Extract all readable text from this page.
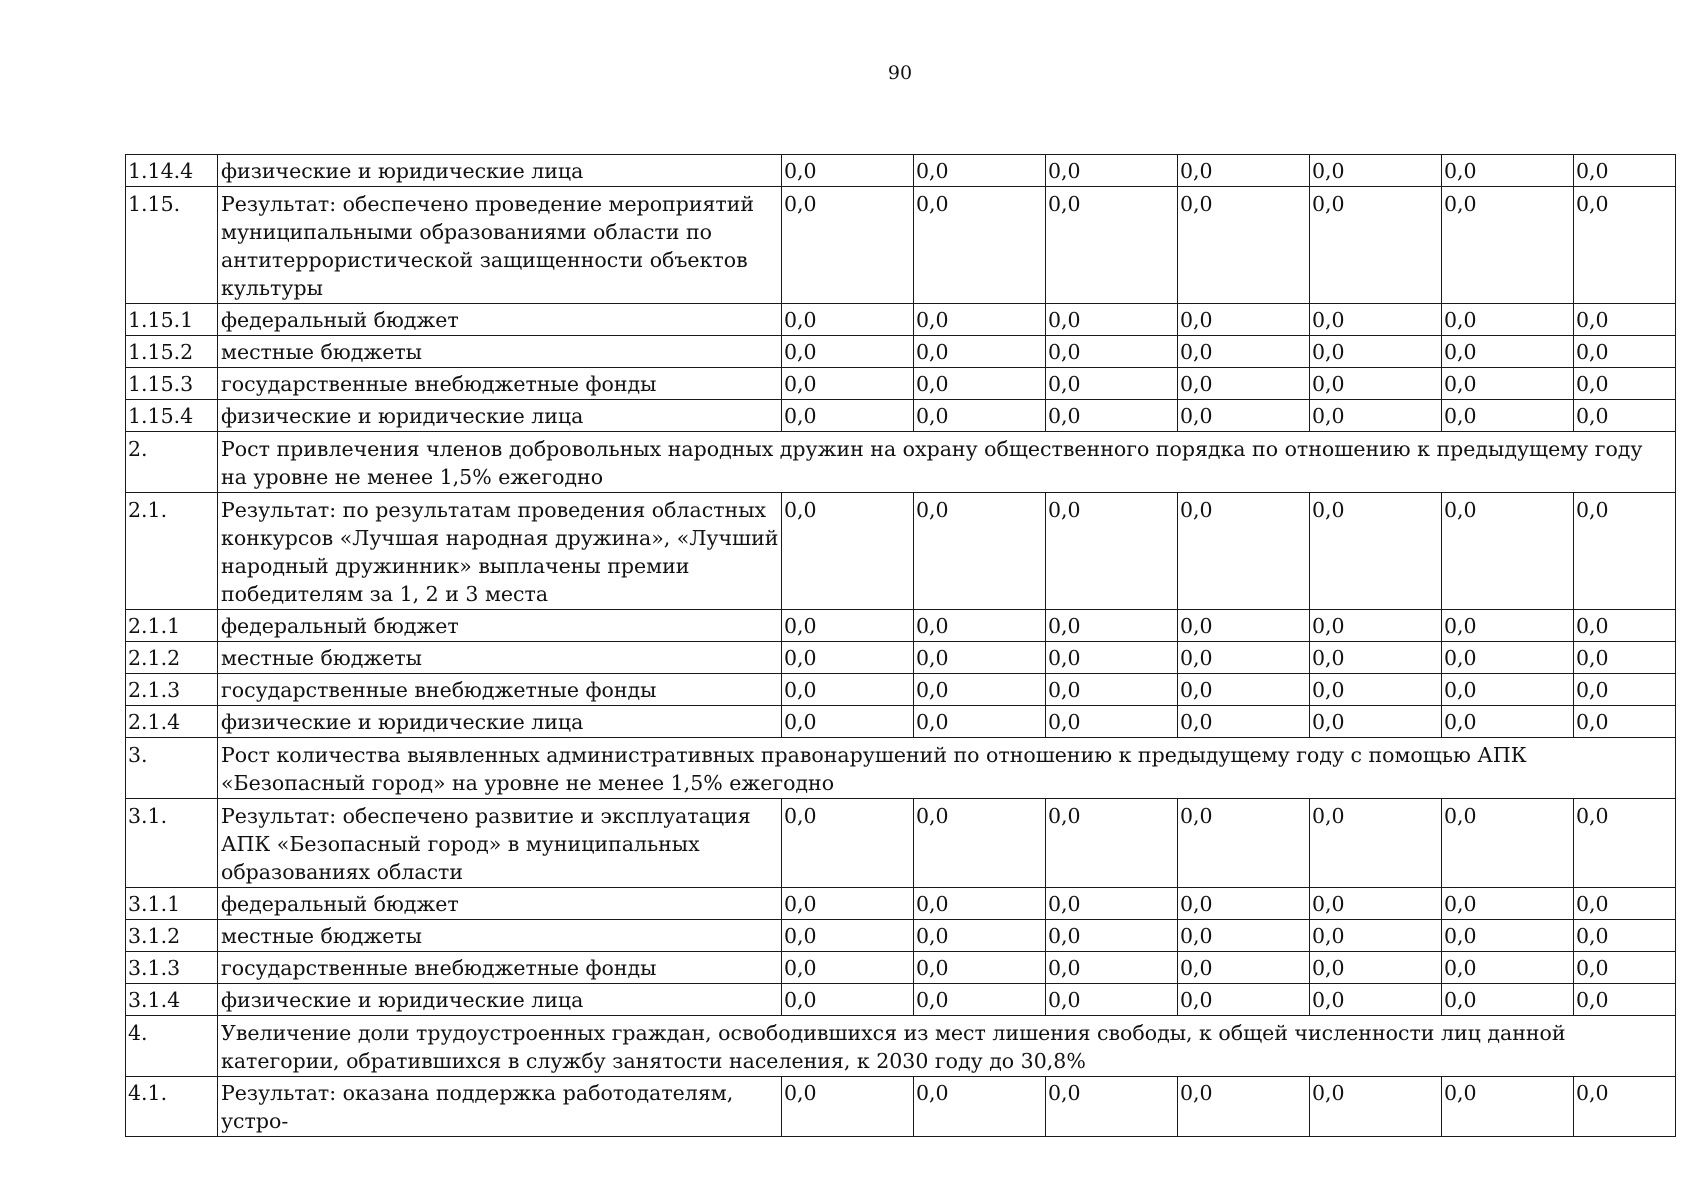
90
1.14.4	физические и юридические лица	0,0	0,0	0,0	0,0	0,0	0,0	0,0
1.15.	Результат: обеспечено проведение мероприятий муниципальными образованиями области по антитеррористической защищенности объектов культуры	0,0	0,0	0,0	0,0	0,0	0,0	0,0
1.15.1	федеральный бюджет	0,0	0,0	0,0	0,0	0,0	0,0	0,0
1.15.2	местные бюджеты	0,0	0,0	0,0	0,0	0,0	0,0	0,0
1.15.3	государственные внебюджетные фонды	0,0	0,0	0,0	0,0	0,0	0,0	0,0
1.15.4	физические и юридические лица	0,0	0,0	0,0	0,0	0,0	0,0	0,0
2.	Рост привлечения членов добровольных народных дружин на охрану общественного порядка по отношению к предыдущему году на уровне не менее 1,5% ежегодно							
2.1.	Результат: по результатам проведения областных конкурсов «Лучшая народная дружина», «Лучший народный дружинник» выплачены премии победителям за 1, 2 и 3 места	0,0	0,0	0,0	0,0	0,0	0,0	0,0
2.1.1	федеральный бюджет	0,0	0,0	0,0	0,0	0,0	0,0	0,0
2.1.2	местные бюджеты	0,0	0,0	0,0	0,0	0,0	0,0	0,0
2.1.3	государственные внебюджетные фонды	0,0	0,0	0,0	0,0	0,0	0,0	0,0
2.1.4	физические и юридические лица	0,0	0,0	0,0	0,0	0,0	0,0	0,0
3.	Рост количества выявленных административных правонарушений по отношению к предыдущему году с помощью АПК «Безопасный город» на уровне не менее 1,5% ежегодно							
3.1.	Результат: обеспечено развитие и эксплуатация АПК «Безопасный город» в муниципальных образованиях области	0,0	0,0	0,0	0,0	0,0	0,0	0,0
3.1.1	федеральный бюджет	0,0	0,0	0,0	0,0	0,0	0,0	0,0
3.1.2	местные бюджеты	0,0	0,0	0,0	0,0	0,0	0,0	0,0
3.1.3	государственные внебюджетные фонды	0,0	0,0	0,0	0,0	0,0	0,0	0,0
3.1.4	физические и юридические лица	0,0	0,0	0,0	0,0	0,0	0,0	0,0
4.	Увеличение доли трудоустроенных граждан, освободившихся из мест лишения свободы, к общей численности лиц данной категории, обратившихся в службу занятости населения, к 2030 году до 30,8%							
4.1.	Результат: оказана поддержка работодателям, устро-	0,0	0,0	0,0	0,0	0,0	0,0	0,0
